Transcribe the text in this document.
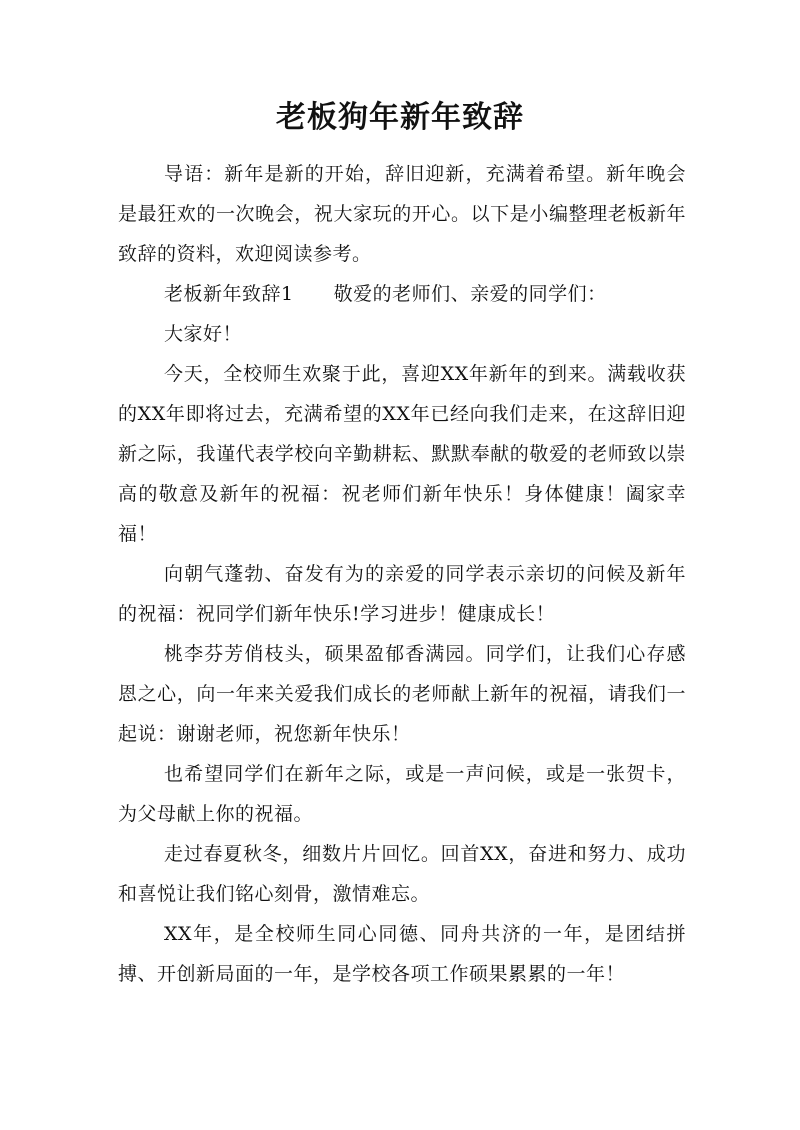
老板狗年新年致辞

导语：新年是新的开始，辞旧迎新，充满着希望。新年晚会是最狂欢的一次晚会，祝大家玩的开心。以下是小编整理老板新年致辞的资料，欢迎阅读参考。

老板新年致辞1 敬爱的老师们、亲爱的同学们：

大家好！

今天，全校师生欢聚于此，喜迎XX年新年的到来。满载收获的XX年即将过去，充满希望的XX年已经向我们走来，在这辞旧迎新之际，我谨代表学校向辛勤耕耘、默默奉献的敬爱的老师致以崇高的敬意及新年的祝福：祝老师们新年快乐！身体健康！阖家幸福！

向朝气蓬勃、奋发有为的亲爱的同学表示亲切的问候及新年的祝福：祝同学们新年快乐!学习进步！健康成长！

桃李芬芳俏枝头，硕果盈郁香满园。同学们，让我们心存感恩之心，向一年来关爱我们成长的老师献上新年的祝福，请我们一起说：谢谢老师，祝您新年快乐！

也希望同学们在新年之际，或是一声问候，或是一张贺卡，为父母献上你的祝福。

走过春夏秋冬，细数片片回忆。回首XX，奋进和努力、成功和喜悦让我们铭心刻骨，激情难忘。

XX年，是全校师生同心同德、同舟共济的一年，是团结拼搏、开创新局面的一年，是学校各项工作硕果累累的一年！
